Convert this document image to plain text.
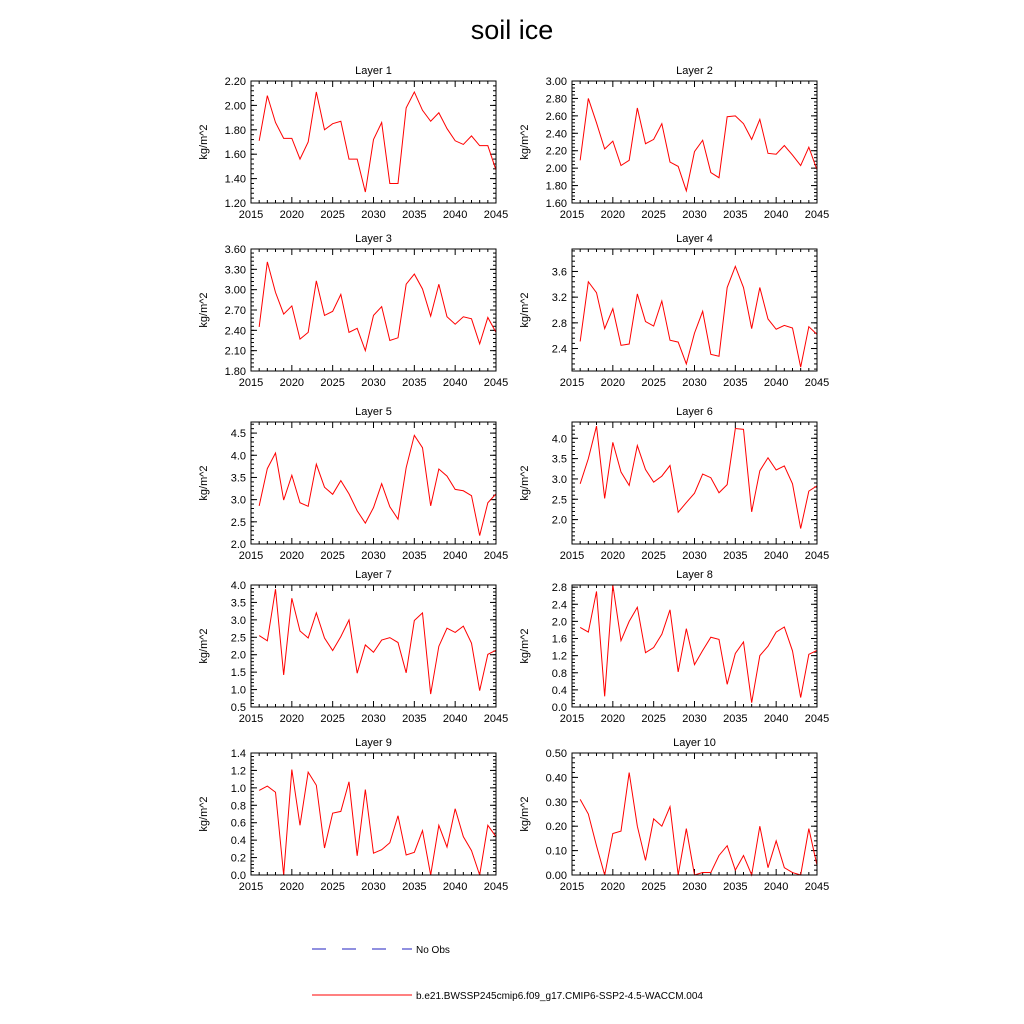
soil ice
Layer 1
kg/m^2
2015 2020 2025 2030 2035 2040 2045
1.20
1.40
1.60
1.80
2.00
2.20
Layer 2
kg/m^2
2015 2020 2025 2030 2035 2040 2045
1.60
1.80
2.00
2.20
2.40
2.60
2.80
3.00
Layer 3
kg/m^2
2015 2020 2025 2030 2035 2040 2045
1.80
2.10
2.40
2.70
3.00
3.30
3.60
Layer 4
kg/m^2
2015 2020 2025 2030 2035 2040 2045
2.4
2.8
3.2
3.6
Layer 5
kg/m^2
2015 2020 2025 2030 2035 2040 2045
2.0
2.5
3.0
3.5
4.0
4.5
Layer 6
kg/m^2
2015 2020 2025 2030 2035 2040 2045
2.0
2.5
3.0
3.5
4.0
Layer 7
kg/m^2
2015 2020 2025 2030 2035 2040 2045
0.5
1.0
1.5
2.0
2.5
3.0
3.5
4.0
Layer 8
kg/m^2
2015 2020 2025 2030 2035 2040 2045
0.0
0.4
0.8
1.2
1.6
2.0
2.4
2.8
Layer 9
kg/m^2
2015 2020 2025 2030 2035 2040 2045
0.0
0.2
0.4
0.6
0.8
1.0
1.2
1.4
Layer 10
kg/m^2
2015 2020 2025 2030 2035 2040 2045
0.00
0.10
0.20
0.30
0.40
0.50
No Obs
b.e21.BWSSP245cmip6.f09_g17.CMIP6-SSP2-4.5-WACCM.004
